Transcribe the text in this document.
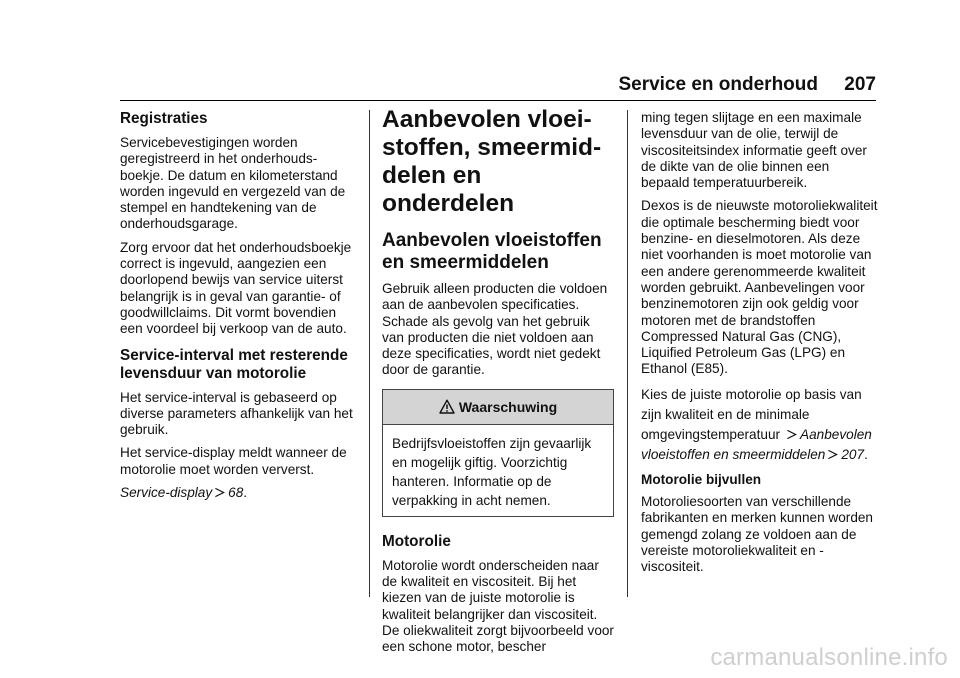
Service en onderhoud 207
Registraties

Servicebevestigingen worden geregistreerd in het onderhoudsboekje. De datum en kilometerstand worden ingevuld en vergezeld van de stempel en handtekening van de onderhoudsgarage.

Zorg ervoor dat het onderhoudsboekje correct is ingevuld, aangezien een doorlopend bewijs van service uiterst belangrijk is in geval van garantie- of goodwillclaims. Dit vormt bovendien een voordeel bij verkoop van de auto.

Service-interval met resterende levensduur van motorolie

Het service-interval is gebaseerd op diverse parameters afhankelijk van het gebruik.

Het service-display meldt wanneer de motorolie moet worden ververst.

Service-display 68.

Aanbevolen vloeistoffen, smeermiddelen en onderdelen
Aanbevolen vloeistoffen en smeermiddelen

Gebruik alleen producten die voldoen aan de aanbevolen specificaties. Schade als gevolg van het gebruik van producten die niet voldoen aan deze specificaties, wordt niet gedekt door de garantie.

Waarschuwing

Bedrijfsvloeistoffen zijn gevaarlijk en mogelijk giftig. Voorzichtig hanteren. Informatie op de verpakking in acht nemen.

Motorolie

Motorolie wordt onderscheiden naar de kwaliteit en viscositeit. Bij het kiezen van de juiste motorolie is kwaliteit belangrijker dan viscositeit. De oliekwaliteit zorgt bijvoorbeeld voor een schone motor, bescher

ming tegen slijtage en een maximale levensduur van de olie, terwijl de viscositeitsindex informatie geeft over de dikte van de olie binnen een bepaald temperatuurbereik.

Dexos is de nieuwste motoroliekwaliteit die optimale bescherming biedt voor benzine- en dieselmotoren. Als deze niet voorhanden is moet motorolie van een andere gerenommeerde kwaliteit worden gebruikt. Aanbevelingen voor benzinemotoren zijn ook geldig voor motoren met de brandstoffen Compressed Natural Gas (CNG), Liquified Petroleum Gas (LPG) en Ethanol (E85).

Kies de juiste motorolie op basis van zijn kwaliteit en de minimale omgevingstemperatuur Aanbevolen vloeistoffen en smeermiddelen 207.

Motorolie bijvullen

Motoroliesoorten van verschillende fabrikanten en merken kunnen worden gemengd zolang ze voldoen aan de vereiste motoroliekwaliteit en -viscositeit.

carmanualsonline.info
